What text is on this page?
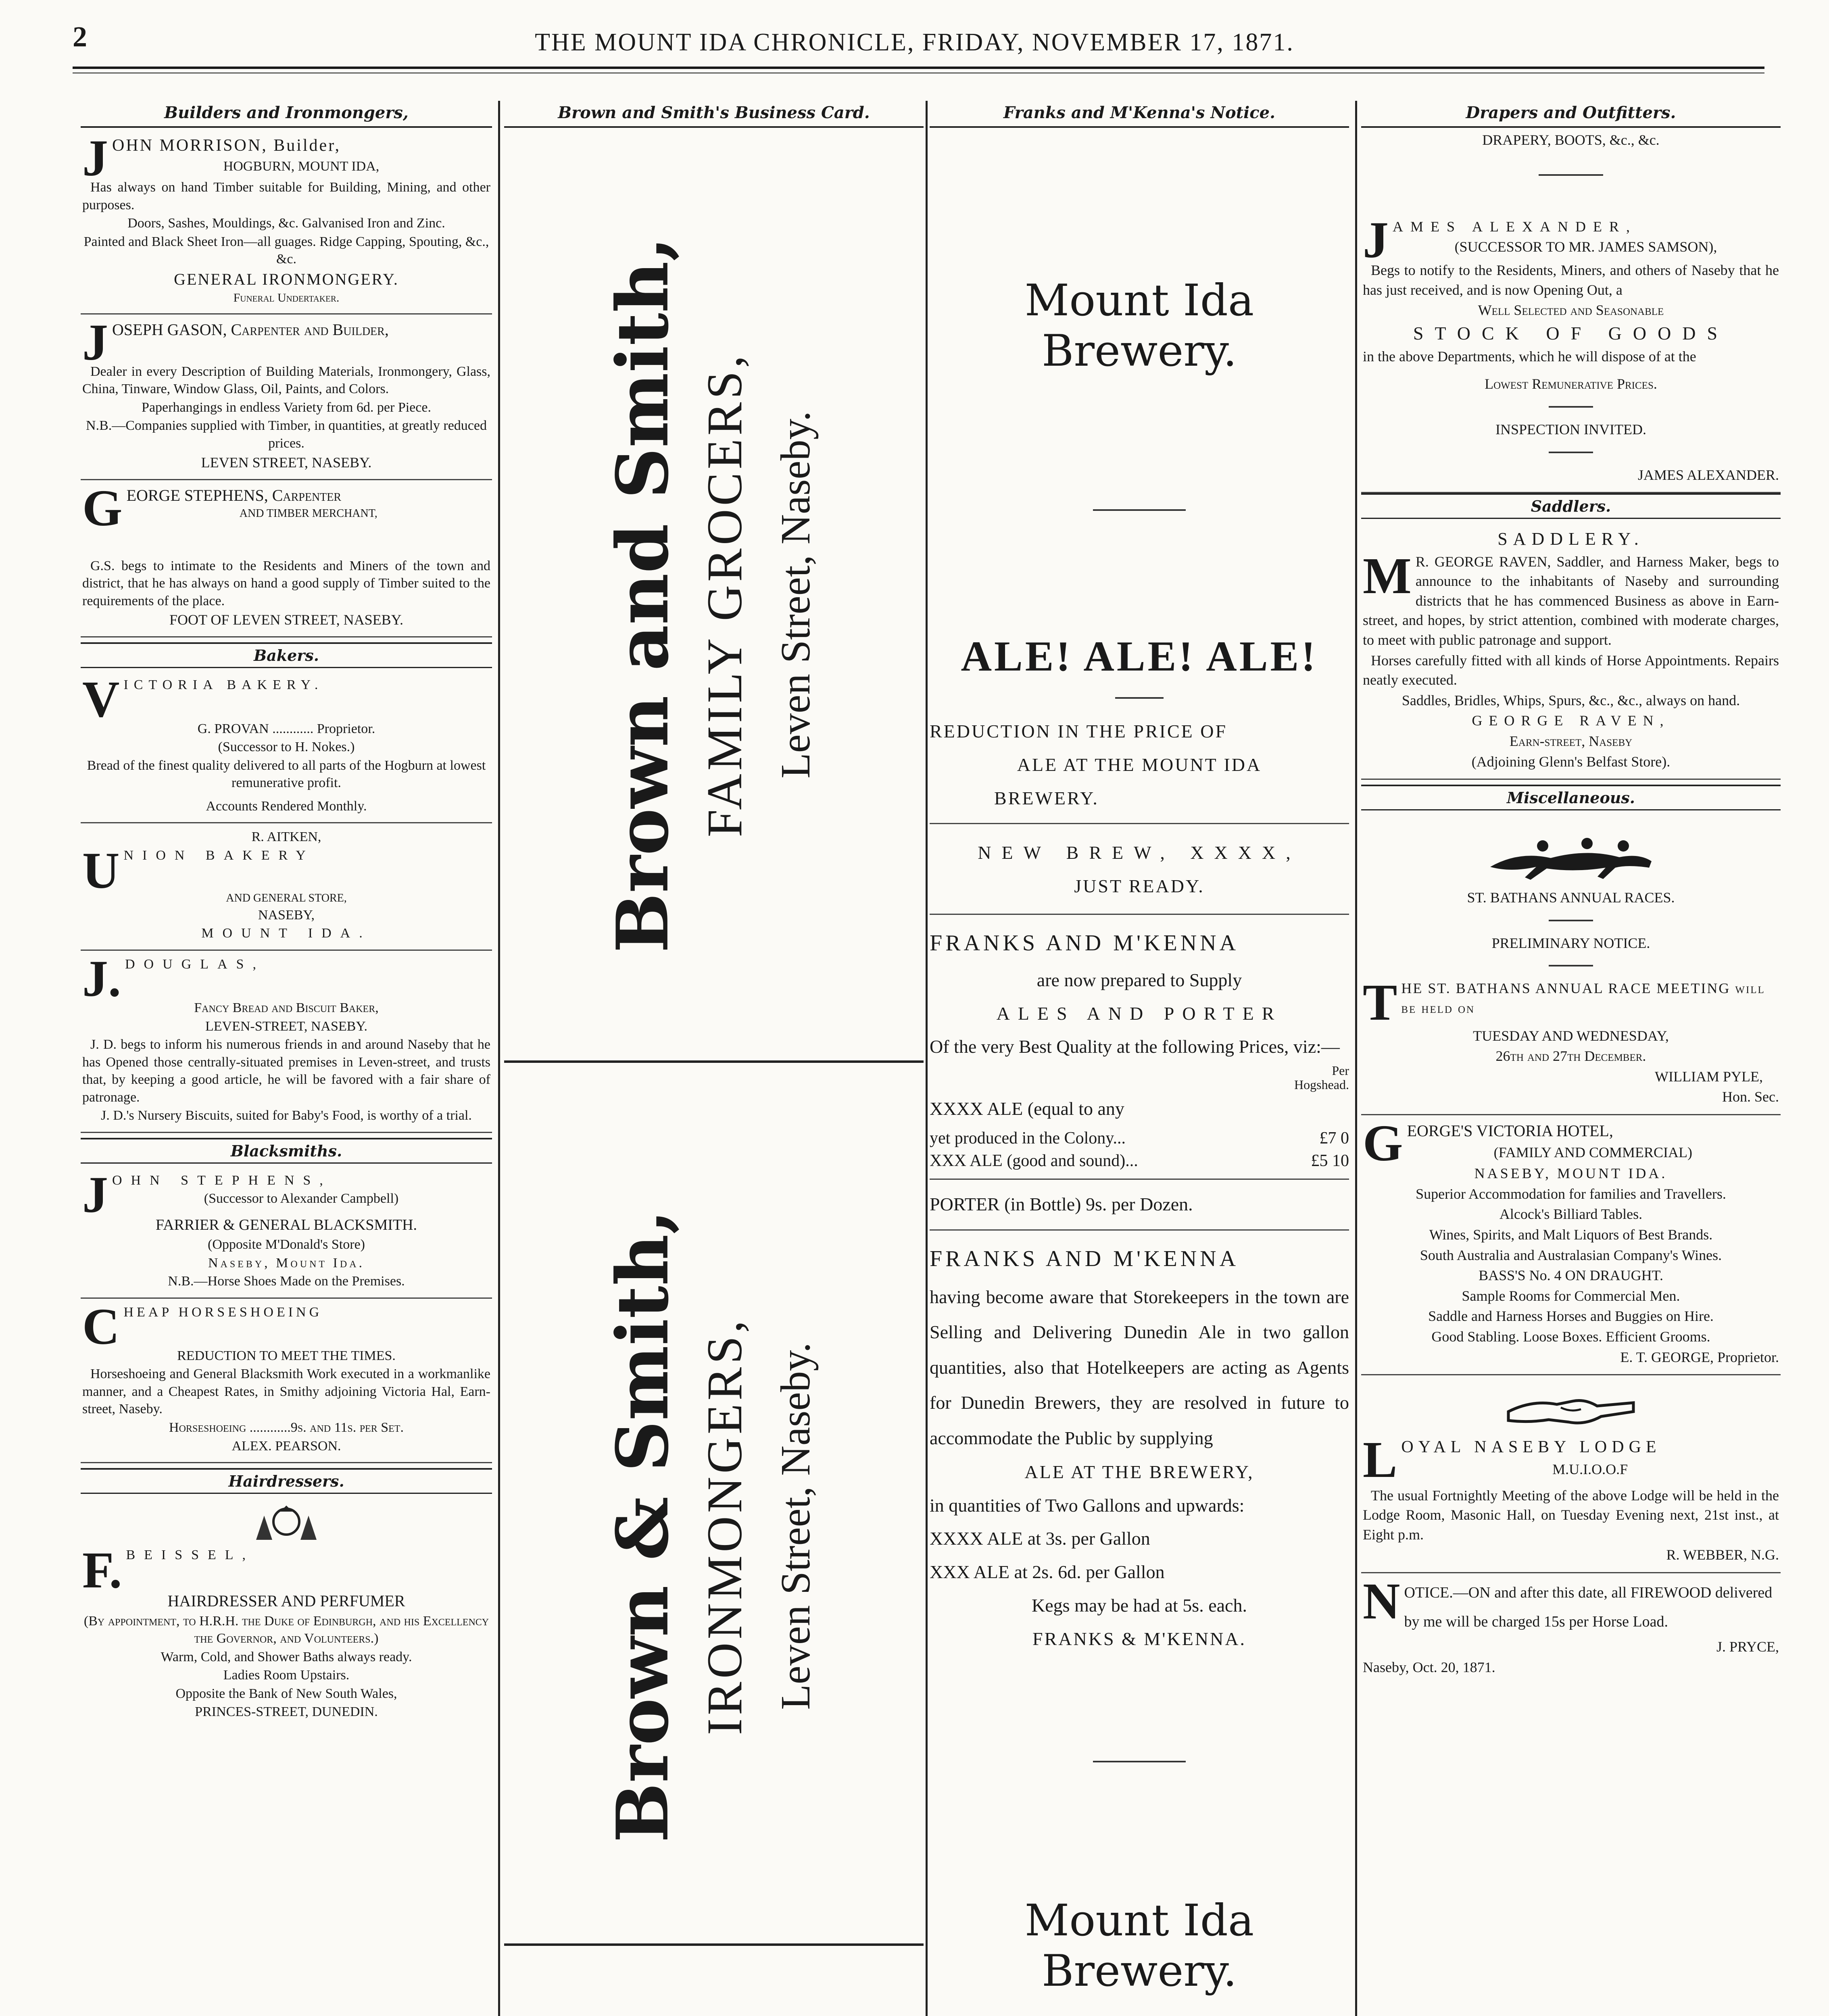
2	THE MOUNT IDA CHRONICLE, FRIDAY, NOVEMBER 17, 1871.
Builders and Ironmongers,
J OHN MORRISON, Builder,

HOGBURN, MOUNT IDA,

Has always on hand Timber suitable for Building, Mining, and other purposes.

Doors, Sashes, Mouldings, &c. Galvanised Iron and Zinc.

Painted and Black Sheet Iron—all guages. Ridge Capping, Spouting, &c., &c.

GENERAL IRONMONGERY.

Funeral Undertaker.

J OSEPH GASON, Carpenter and Builder,

Dealer in every Description of Building Materials, Ironmongery, Glass, China, Tinware, Window Glass, Oil, Paints, and Colors.

Paperhangings in endless Variety from 6d. per Piece.

N.B.—Companies supplied with Timber, in quantities, at greatly reduced prices.

LEVEN STREET, NASEBY.

G EORGE STEPHENS, Carpenter

AND TIMBER MERCHANT,

G.S. begs to intimate to the Residents and Miners of the town and district, that he has always on hand a good supply of Timber suited to the requirements of the place.

FOOT OF LEVEN STREET, NASEBY.

Bakers.
V ICTORIA BAKERY.

G. PROVAN ............ Proprietor.

(Successor to H. Nokes.)

Bread of the finest quality delivered to all parts of the Hogburn at lowest remunerative profit.

Accounts Rendered Monthly.

R. AITKEN,

U NION BAKERY

AND GENERAL STORE,

NASEBY,

MOUNT IDA.

J. DOUGLAS,

Fancy Bread and Biscuit Baker,

LEVEN-STREET, NASEBY.

J. D. begs to inform his numerous friends in and around Naseby that he has Opened those centrally-situated premises in Leven-street, and trusts that, by keeping a good article, he will be favored with a fair share of patronage.

J. D.'s Nursery Biscuits, suited for Baby's Food, is worthy of a trial.

Blacksmiths.
J OHN STEPHENS,

(Successor to Alexander Campbell)

FARRIER & GENERAL BLACKSMITH.

(Opposite M'Donald's Store)

Naseby, Mount Ida.

N.B.—Horse Shoes Made on the Premises.

C HEAP HORSESHOEING

REDUCTION TO MEET THE TIMES.

Horseshoeing and General Blacksmith Work executed in a workmanlike manner, and a Cheapest Rates, in Smithy adjoining Victoria Hal, Earn-street, Naseby.

Horseshoeing ............9s. and 11s. per Set.

ALEX. PEARSON.

Hairdressers.
F. BEISSEL,

HAIRDRESSER AND PERFUMER

(By appointment, to H.R.H. the Duke of Edinburgh, and his Excellency the Governor, and Volunteers.)

Warm, Cold, and Shower Baths always ready.

Ladies Room Upstairs.

Opposite the Bank of New South Wales,

PRINCES-STREET, DUNEDIN.

Brown and Smith's Business Card.
Brown and Smith, FAMILY GROCERS, Leven Street, Naseby.
Brown & Smith, IRONMONGERS, Leven Street, Naseby.
Franks and M'Kenna's Notice.
Mount Ida Brewery.
ALE! ALE! ALE!

REDUCTION IN THE PRICE OF

ALE AT THE MOUNT IDA

BREWERY.

NEW BREW, XXXX,

JUST READY.

FRANKS AND M'KENNA

are now prepared to Supply

ALES AND PORTER

Of the very Best Quality at the following Prices, viz:—

Per

Hogshead.

XXXX ALE (equal to any

yet produced in the Colony...	£7 0
XXX ALE (good and sound)...	£5 10

PORTER (in Bottle) 9s. per Dozen.

FRANKS AND M'KENNA

having become aware that Storekeepers in the town are Selling and Delivering Dunedin Ale in two gallon quantities, also that Hotelkeepers are acting as Agents for Dunedin Brewers, they are resolved in future to accommodate the Public by supplying

ALE AT THE BREWERY,

in quantities of Two Gallons and upwards:

XXXX ALE at 3s. per Gallon

XXX ALE at 2s. 6d. per Gallon

Kegs may be had at 5s. each.

FRANKS & M'KENNA.

Mount Ida Brewery.
Drapers and Outfitters.

DRAPERY, BOOTS, &c., &c.

J AMES ALEXANDER,

(SUCCESSOR TO MR. JAMES SAMSON),

Begs to notify to the Residents, Miners, and others of Naseby that he has just received, and is now Opening Out, a

Well Selected and Seasonable

STOCK OF GOODS

in the above Departments, which he will dispose of at the

Lowest Remunerative Prices.

INSPECTION INVITED.

JAMES ALEXANDER.

Saddlers.

SADDLERY.

M R. GEORGE RAVEN, Saddler, and Harness Maker, begs to announce to the inhabitants of Naseby and surrounding districts that he has commenced Business as above in Earn-street, and hopes, by strict attention, combined with moderate charges, to meet with public patronage and support.

Horses carefully fitted with all kinds of Horse Appointments. Repairs neatly executed.

Saddles, Bridles, Whips, Spurs, &c., &c., always on hand.

GEORGE RAVEN,

Earn-street, Naseby

(Adjoining Glenn's Belfast Store).

Miscellaneous.

ST. BATHANS ANNUAL RACES.

PRELIMINARY NOTICE.

T HE ST. BATHANS ANNUAL RACE MEETING will be held on

TUESDAY AND WEDNESDAY,

26th and 27th December.

WILLIAM PYLE,

Hon. Sec.

G EORGE'S VICTORIA HOTEL,

(FAMILY AND COMMERCIAL)

NASEBY, MOUNT IDA.

Superior Accommodation for families and Travellers.

Alcock's Billiard Tables.

Wines, Spirits, and Malt Liquors of Best Brands.

South Australia and Australasian Company's Wines.

BASS'S No. 4 ON DRAUGHT.

Sample Rooms for Commercial Men.

Saddle and Harness Horses and Buggies on Hire.

Good Stabling. Loose Boxes. Efficient Grooms.

E. T. GEORGE, Proprietor.

L OYAL NASEBY LODGE

M.U.I.O.O.F

The usual Fortnightly Meeting of the above Lodge will be held in the Lodge Room, Masonic Hall, on Tuesday Evening next, 21st inst., at Eight p.m.

R. WEBBER, N.G.

N OTICE.—ON and after this date, all FIREWOOD delivered by me will be charged 15s per Horse Load.

J. PRYCE,

Naseby, Oct. 20, 1871.
